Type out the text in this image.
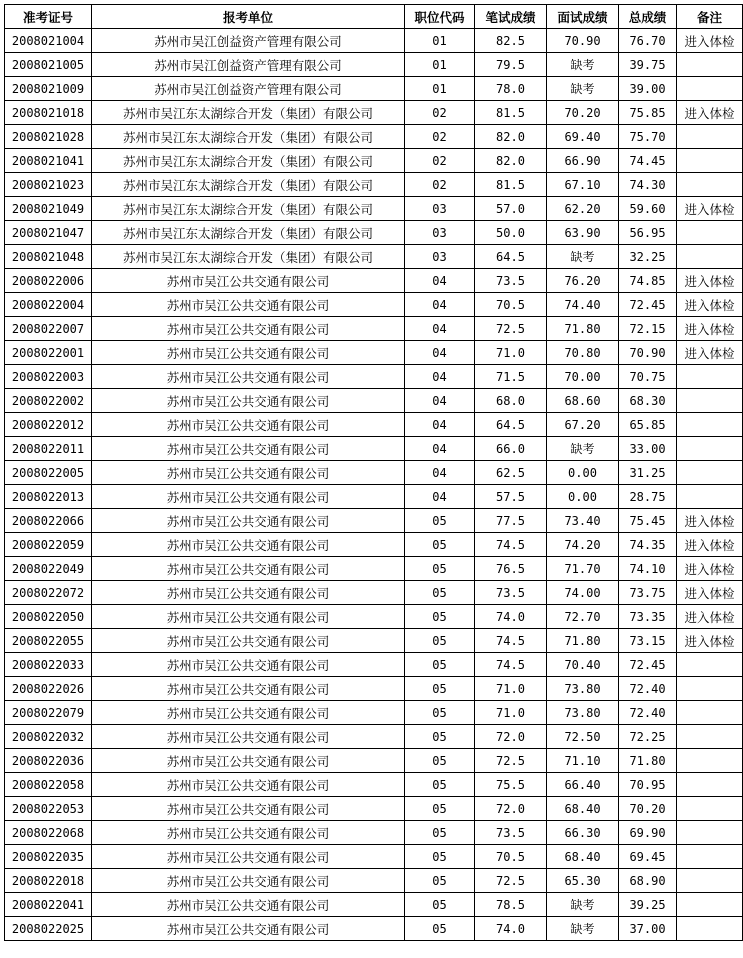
准考证号	报考单位	职位代码	笔试成绩	面试成绩	总成绩	备注
2008021004	苏州市吴江创益资产管理有限公司	01	82.5	70.90	76.70	进入体检
2008021005	苏州市吴江创益资产管理有限公司	01	79.5	缺考	39.75	
2008021009	苏州市吴江创益资产管理有限公司	01	78.0	缺考	39.00	
2008021018	苏州市吴江东太湖综合开发（集团）有限公司	02	81.5	70.20	75.85	进入体检
2008021028	苏州市吴江东太湖综合开发（集团）有限公司	02	82.0	69.40	75.70	
2008021041	苏州市吴江东太湖综合开发（集团）有限公司	02	82.0	66.90	74.45	
2008021023	苏州市吴江东太湖综合开发（集团）有限公司	02	81.5	67.10	74.30	
2008021049	苏州市吴江东太湖综合开发（集团）有限公司	03	57.0	62.20	59.60	进入体检
2008021047	苏州市吴江东太湖综合开发（集团）有限公司	03	50.0	63.90	56.95	
2008021048	苏州市吴江东太湖综合开发（集团）有限公司	03	64.5	缺考	32.25	
2008022006	苏州市吴江公共交通有限公司	04	73.5	76.20	74.85	进入体检
2008022004	苏州市吴江公共交通有限公司	04	70.5	74.40	72.45	进入体检
2008022007	苏州市吴江公共交通有限公司	04	72.5	71.80	72.15	进入体检
2008022001	苏州市吴江公共交通有限公司	04	71.0	70.80	70.90	进入体检
2008022003	苏州市吴江公共交通有限公司	04	71.5	70.00	70.75	
2008022002	苏州市吴江公共交通有限公司	04	68.0	68.60	68.30	
2008022012	苏州市吴江公共交通有限公司	04	64.5	67.20	65.85	
2008022011	苏州市吴江公共交通有限公司	04	66.0	缺考	33.00	
2008022005	苏州市吴江公共交通有限公司	04	62.5	0.00	31.25	
2008022013	苏州市吴江公共交通有限公司	04	57.5	0.00	28.75	
2008022066	苏州市吴江公共交通有限公司	05	77.5	73.40	75.45	进入体检
2008022059	苏州市吴江公共交通有限公司	05	74.5	74.20	74.35	进入体检
2008022049	苏州市吴江公共交通有限公司	05	76.5	71.70	74.10	进入体检
2008022072	苏州市吴江公共交通有限公司	05	73.5	74.00	73.75	进入体检
2008022050	苏州市吴江公共交通有限公司	05	74.0	72.70	73.35	进入体检
2008022055	苏州市吴江公共交通有限公司	05	74.5	71.80	73.15	进入体检
2008022033	苏州市吴江公共交通有限公司	05	74.5	70.40	72.45	
2008022026	苏州市吴江公共交通有限公司	05	71.0	73.80	72.40	
2008022079	苏州市吴江公共交通有限公司	05	71.0	73.80	72.40	
2008022032	苏州市吴江公共交通有限公司	05	72.0	72.50	72.25	
2008022036	苏州市吴江公共交通有限公司	05	72.5	71.10	71.80	
2008022058	苏州市吴江公共交通有限公司	05	75.5	66.40	70.95	
2008022053	苏州市吴江公共交通有限公司	05	72.0	68.40	70.20	
2008022068	苏州市吴江公共交通有限公司	05	73.5	66.30	69.90	
2008022035	苏州市吴江公共交通有限公司	05	70.5	68.40	69.45	
2008022018	苏州市吴江公共交通有限公司	05	72.5	65.30	68.90	
2008022041	苏州市吴江公共交通有限公司	05	78.5	缺考	39.25	
2008022025	苏州市吴江公共交通有限公司	05	74.0	缺考	37.00	
